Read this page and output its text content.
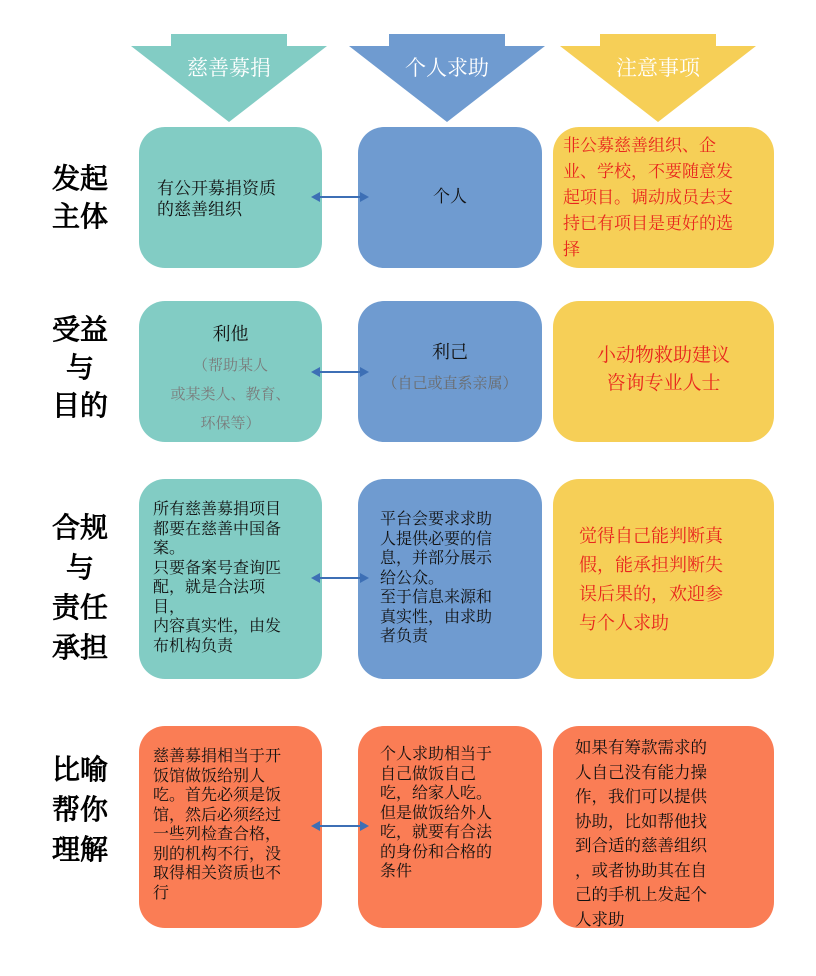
慈善募捐	个人求助	注意事项
发起
主体
有公开募捐资质
的慈善组织
个人
非公募慈善组织、企
业、学校，不要随意发
起项目。调动成员去支
持已有项目是更好的选
择
受益
与
目的
利他
（帮助某人
或某类人、教育、
环保等）
利己
（自己或直系亲属）
小动物救助建议
咨询专业人士
合规
与
责任
承担
所有慈善募捐项目
都要在慈善中国备
案。
只要备案号查询匹
配，就是合法项
目，
内容真实性，由发
布机构负责
平台会要求求助
人提供必要的信
息，并部分展示
给公众。
至于信息来源和
真实性，由求助
者负责
觉得自己能判断真
假，能承担判断失
误后果的，欢迎参
与个人求助
比喻
帮你
理解
慈善募捐相当于开
饭馆做饭给别人
吃。首先必须是饭
馆，然后必须经过
一些列检查合格，
别的机构不行，没
取得相关资质也不
行
个人求助相当于
自己做饭自己
吃，给家人吃。
但是做饭给外人
吃，就要有合法
的身份和合格的
条件
如果有筹款需求的
人自己没有能力操
作，我们可以提供
协助，比如帮他找
到合适的慈善组织
，或者协助其在自
己的手机上发起个
人求助
